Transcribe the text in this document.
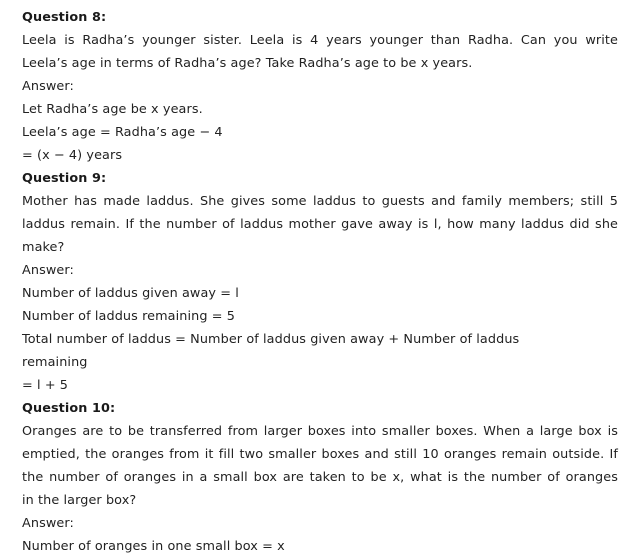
Question 8:
Leela is Radha’s younger sister. Leela is 4 years younger than Radha. Can you write
Leela’s age in terms of Radha’s age? Take Radha’s age to be x years.
Answer:
Let Radha’s age be x years.
Leela’s age = Radha’s age − 4
= (x − 4) years
Question 9:
Mother has made laddus. She gives some laddus to guests and family members; still 5
laddus remain. If the number of laddus mother gave away is l, how many laddus did she
make?
Answer:
Number of laddus given away = l
Number of laddus remaining = 5
Total number of laddus = Number of laddus given away + Number of laddus
remaining
= l + 5
Question 10:
Oranges are to be transferred from larger boxes into smaller boxes. When a large box is
emptied, the oranges from it fill two smaller boxes and still 10 oranges remain outside. If
the number of oranges in a small box are taken to be x, what is the number of oranges
in the larger box?
Answer:
Number of oranges in one small box = x
